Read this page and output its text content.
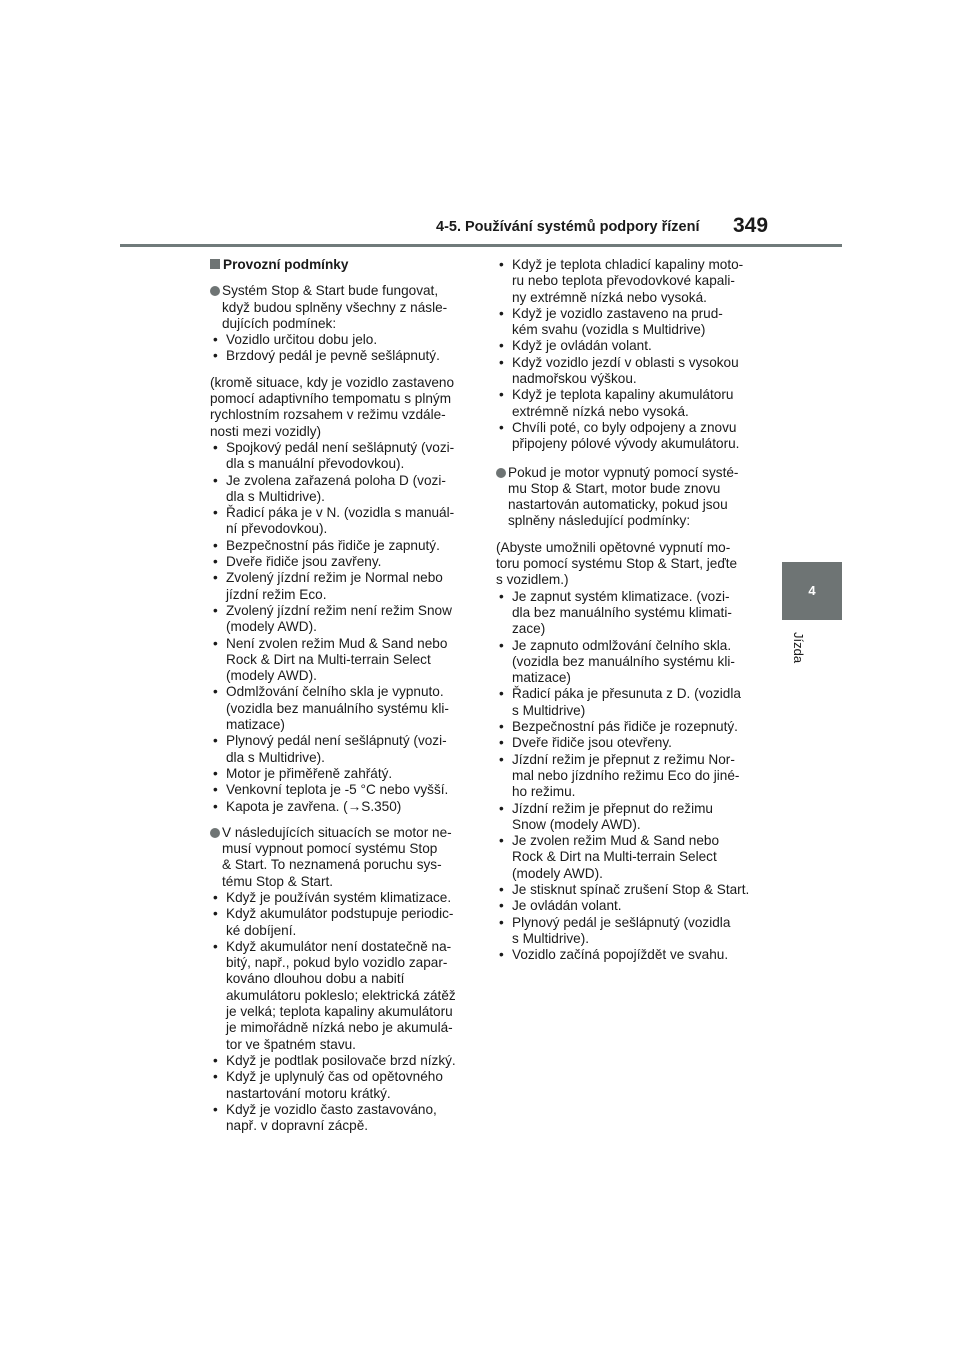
4-5. Používání systémů podpory řízení 349
4
Jízda
Provozní podmínky
Systém Stop & Start bude fungovat,
když budou splněny všechny z násle-
dujících podmínek:
• Vozidlo určitou dobu jelo.
• Brzdový pedál je pevně sešlápnutý.
(kromě situace, kdy je vozidlo zastaveno
pomocí adaptivního tempomatu s plným
rychlostním rozsahem v režimu vzdále-
nosti mezi vozidly)
• Spojkový pedál není sešlápnutý (vozi-
dla s manuální převodovkou).
• Je zvolena zařazená poloha D (vozi-
dla s Multidrive).
• Řadicí páka je v N. (vozidla s manuál-
ní převodovkou).
• Bezpečnostní pás řidiče je zapnutý.
• Dveře řidiče jsou zavřeny.
• Zvolený jízdní režim je Normal nebo
jízdní režim Eco.
• Zvolený jízdní režim není režim Snow
(modely AWD).
• Není zvolen režim Mud & Sand nebo
Rock & Dirt na Multi-terrain Select
(modely AWD).
• Odmlžování čelního skla je vypnuto.
(vozidla bez manuálního systému kli-
matizace)
• Plynový pedál není sešlápnutý (vozi-
dla s Multidrive).
• Motor je přiměřeně zahřátý.
• Venkovní teplota je -5 °C nebo vyšší.
• Kapota je zavřena. (→S.350)
V následujících situacích se motor ne-
musí vypnout pomocí systému Stop
& Start. To neznamená poruchu sys-
tému Stop & Start.
• Když je používán systém klimatizace.
• Když akumulátor podstupuje periodic-
ké dobíjení.
• Když akumulátor není dostatečně na-
bitý, např., pokud bylo vozidlo zapar-
kováno dlouhou dobu a nabití
akumulátoru pokleslo; elektrická zátěž
je velká; teplota kapaliny akumulátoru
je mimořádně nízká nebo je akumulá-
tor ve špatném stavu.
• Když je podtlak posilovače brzd nízký.
• Když je uplynulý čas od opětovného
nastartování motoru krátký.
• Když je vozidlo často zastavováno,
např. v dopravní zácpě.
• Když je teplota chladicí kapaliny moto-
ru nebo teplota převodovkové kapali-
ny extrémně nízká nebo vysoká.
• Když je vozidlo zastaveno na prud-
kém svahu (vozidla s Multidrive)
• Když je ovládán volant.
• Když vozidlo jezdí v oblasti s vysokou
nadmořskou výškou.
• Když je teplota kapaliny akumulátoru
extrémně nízká nebo vysoká.
• Chvíli poté, co byly odpojeny a znovu
připojeny pólové vývody akumulátoru.
Pokud je motor vypnutý pomocí systé-
mu Stop & Start, motor bude znovu
nastartován automaticky, pokud jsou
splněny následující podmínky:
(Abyste umožnili opětovné vypnutí mo-
toru pomocí systému Stop & Start, jeďte
s vozidlem.)
• Je zapnut systém klimatizace. (vozi-
dla bez manuálního systému klimati-
zace)
• Je zapnuto odmlžování čelního skla.
(vozidla bez manuálního systému kli-
matizace)
• Řadicí páka je přesunuta z D. (vozidla
s Multidrive)
• Bezpečnostní pás řidiče je rozepnutý.
• Dveře řidiče jsou otevřeny.
• Jízdní režim je přepnut z režimu Nor-
mal nebo jízdního režimu Eco do jiné-
ho režimu.
• Jízdní režim je přepnut do režimu
Snow (modely AWD).
• Je zvolen režim Mud & Sand nebo
Rock & Dirt na Multi-terrain Select
(modely AWD).
• Je stisknut spínač zrušení Stop & Start.
• Je ovládán volant.
• Plynový pedál je sešlápnutý (vozidla
s Multidrive).
• Vozidlo začíná popojíždět ve svahu.
